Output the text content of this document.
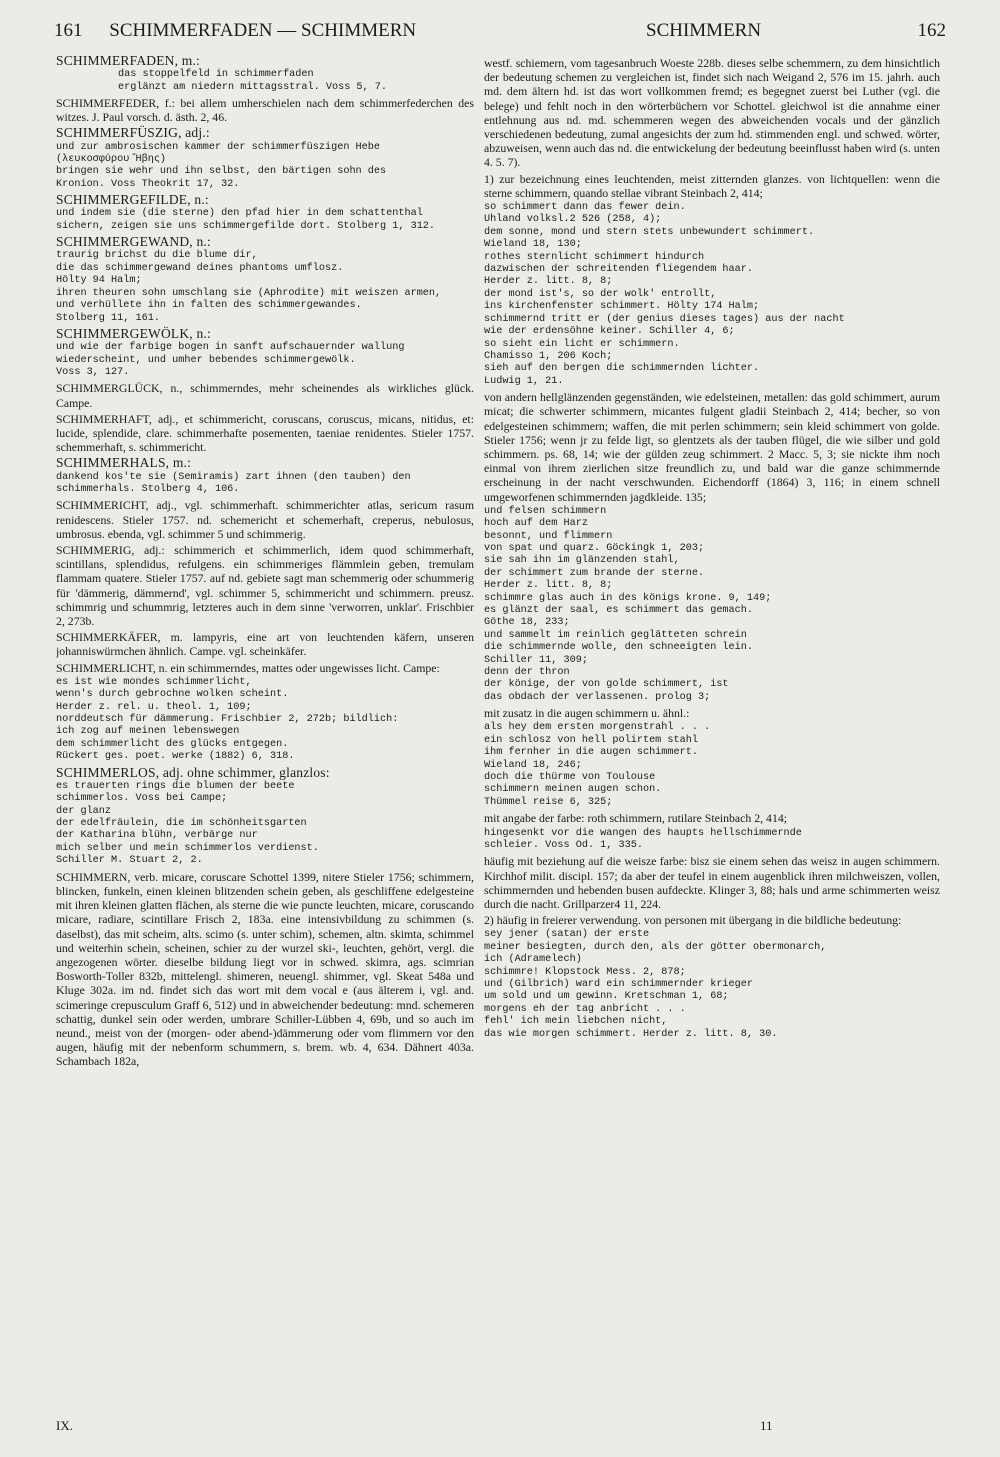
161 SCHIMMERFADEN — SCHIMMERN	SCHIMMERN	162
SCHIMMERFADEN, m.:
das stoppelfeld in schimmerfaden
erglänzt am niedern mittagsstral. Voss 5, 7.
SCHIMMERFEDER, f.: bei allem umherschielen nach dem schimmerfederchen des witzes. J. Paul vorsch. d. ästh. 2, 46.
SCHIMMERFÜSZIG, adj.:
und zur ambrosischen kammer der schimmerfüszigen Hebe
(λευκοσφύρου Ἥβης)
bringen sie wehr und ihn selbst, den bärtigen sohn des
Kronion. Voss Theokrit 17, 32.
SCHIMMERGEFILDE, n.:
und indem sie (die sterne) den pfad hier in dem schattenthal
sichern, zeigen sie uns schimmergefilde dort. Stolberg 1, 312.
SCHIMMERGEWAND, n.:
traurig brichst du die blume dir,
die das schimmergewand deines phantoms umflosz.
Hölty 94 Halm;
ihren theuren sohn umschlang sie (Aphrodite) mit weiszen armen,
und verhüllete ihn in falten des schimmergewandes.
Stolberg 11, 161.
SCHIMMERGEWÖLK, n.:
und wie der farbige bogen in sanft aufschauernder wallung
wiederscheint, und umher bebendes schimmergewölk.
Voss 3, 127.
SCHIMMERGLÜCK, n., schimmerndes, mehr scheinendes als wirkliches glück. Campe.
SCHIMMERHAFT, adj., et schimmericht, coruscans, coruscus, micans, nitidus, et: lucide, splendide, clare. schimmerhafte posementen, taeniae renidentes. Stieler 1757. schemmerhaft, s. schimmericht.
SCHIMMERHALS, m.:
dankend kos'te sie (Semiramis) zart ihnen (den tauben) den
schimmerhals. Stolberg 4, 106.
SCHIMMERICHT, adj., vgl. schimmerhaft. schimmerichter atlas, sericum rasum renidescens. Stieler 1757. nd. schemericht et schemerhaft, creperus, nebulosus, umbrosus. ebenda, vgl. schimmer 5 und schimmerig.
SCHIMMERIG, adj.: schimmerich et schimmerlich, idem quod schimmerhaft, scintillans, splendidus, refulgens. ein schimmeriges flämmlein geben, tremulam flammam quatere. Stieler 1757. auf nd. gebiete sagt man schemmerig oder schummerig für 'dämmerig, dämmernd', vgl. schimmer 5, schimmericht und schimmern. preusz. schimmrig und schummrig, letzteres auch in dem sinne 'verworren, unklar'. Frischbier 2, 273b.
SCHIMMERKÄFER, m. lampyris, eine art von leuchtenden käfern, unseren johanniswürmchen ähnlich. Campe. vgl. scheinkäfer.
SCHIMMERLICHT, n. ein schimmerndes, mattes oder ungewisses licht. Campe:
es ist wie mondes schimmerlicht,
wenn's durch gebrochne wolken scheint.
Herder z. rel. u. theol. 1, 109;
norddeutsch für dämmerung. Frischbier 2, 272b; bildlich:
ich zog auf meinen lebenswegen
dem schimmerlicht des glücks entgegen.
Rückert ges. poet. werke (1882) 6, 318.
SCHIMMERLOS, adj. ohne schimmer, glanzlos:
es trauerten rings die blumen der beete
schimmerlos. Voss bei Campe;
der glanz
der edelfräulein, die im schönheitsgarten
der Katharina blühn, verbärge nur
mich selber und mein schimmerlos verdienst.
Schiller M. Stuart 2, 2.
SCHIMMERN, verb. micare, coruscare Schottel 1399, nitere Stieler 1756; schimmern, blincken, funkeln, einen kleinen blitzenden schein geben, als geschliffene edelgesteine mit ihren kleinen glatten flächen, als sterne die wie puncte leuchten, micare, coruscando micare, radiare, scintillare Frisch 2, 183a. eine intensivbildung zu schimmen (s. daselbst), das mit scheim, alts. scimo (s. unter schim), schemen, altn. skimta, schimmel und weiterhin schein, scheinen, schier zu der wurzel ski-, leuchten, gehört, vergl. die angezogenen wörter. dieselbe bildung liegt vor in schwed. skimra, ags. scimrian Bosworth-Toller 832b, mittelengl. shimeren, neuengl. shimmer, vgl. Skeat 548a und Kluge 302a. im nd. findet sich das wort mit dem vocal e (aus älterem i, vgl. and. scimeringe crepusculum Graff 6, 512) und in abweichender bedeutung: mnd. schemeren schattig, dunkel sein oder werden, umbrare Schiller-Lübben 4, 69b, und so auch im neund., meist von der (morgen- oder abend-)dämmerung oder vom flimmern vor den augen, häufig mit der nebenform schummern, s. brem. wb. 4, 634. Dähnert 403a. Schambach 182a,
westf. schiemern, vom tagesanbruch Woeste 228b. dieses selbe schemmern, zu dem hinsichtlich der bedeutung schemen zu vergleichen ist, findet sich nach Weigand 2, 576 im 15. jahrh. auch md. dem ältern hd. ist das wort vollkommen fremd; es begegnet zuerst bei Luther (vgl. die belege) und fehlt noch in den wörterbüchern vor Schottel. gleichwol ist die annahme einer entlehnung aus nd. md. schemmeren wegen des abweichenden vocals und der gänzlich verschiedenen bedeutung, zumal angesichts der zum hd. stimmenden engl. und schwed. wörter, abzuweisen, wenn auch das nd. die entwickelung der bedeutung beeinflusst haben wird (s. unten 4. 5. 7).
1) zur bezeichnung eines leuchtenden, meist zitternden glanzes. von lichtquellen: wenn die sterne schimmern, quando stellae vibrant Steinbach 2, 414;
so schimmert dann das fewer dein.
Uhland volksl.2 526 (258, 4);
dem sonne, mond und stern stets unbewundert schimmert.
Wieland 18, 130;
rothes sternlicht schimmert hindurch
dazwischen der schreitenden fliegendem haar.
Herder z. litt. 8, 8;
der mond ist's, so der wolk' entrollt,
ins kirchenfenster schimmert. Hölty 174 Halm;
schimmernd tritt er (der genius dieses tages) aus der nacht
wie der erdensöhne keiner. Schiller 4, 6;
so sieht ein licht er schimmern.
Chamisso 1, 206 Koch;
sieh auf den bergen die schimmernden lichter.
Ludwig 1, 21.
von andern hellglänzenden gegenständen, wie edelsteinen, metallen: das gold schimmert, aurum micat; die schwerter schimmern, micantes fulgent gladii Steinbach 2, 414; becher, so von edelgesteinen schimmern; waffen, die mit perlen schimmern; sein kleid schimmert von golde. Stieler 1756; wenn jr zu felde ligt, so glentzets als der tauben flügel, die wie silber und gold schimmern. ps. 68, 14; wie der gülden zeug schimmert. 2 Macc. 5, 3; sie nickte ihm noch einmal von ihrem zierlichen sitze freundlich zu, und bald war die ganze schimmernde erscheinung in der nacht verschwunden. Eichendorff (1864) 3, 116; in einem schnell umgeworfenen schimmernden jagdkleide. 135;
und felsen schimmern
hoch auf dem Harz
besonnt, und flimmern
von spat und quarz. Göckingk 1, 203;
sie sah ihn im glänzenden stahl,
der schimmert zum brande der sterne.
Herder z. litt. 8, 8;
schimmre glas auch in des königs krone. 9, 149;
es glänzt der saal, es schimmert das gemach.
Göthe 18, 233;
und sammelt im reinlich geglätteten schrein
die schimmernde wolle, den schneeigten lein.
Schiller 11, 309;
denn der thron
der könige, der von golde schimmert, ist
das obdach der verlassenen. prolog 3;
mit zusatz in die augen schimmern u. ähnl.:
als hey dem ersten morgenstrahl . . .
ein schlosz von hell polirtem stahl
ihm fernher in die augen schimmert.
Wieland 18, 246;
doch die thürme von Toulouse
schimmern meinen augen schon.
Thümmel reise 6, 325;
mit angabe der farbe: roth schimmern, rutilare Steinbach 2, 414;
hingesenkt vor die wangen des haupts hellschimmernde
schleier. Voss Od. 1, 335.
häufig mit beziehung auf die weisze farbe: bisz sie einem sehen das weisz in augen schimmern. Kirchhof milit. discipl. 157; da aber der teufel in einem augenblick ihren milchweiszen, vollen, schimmernden und hebenden busen aufdeckte. Klinger 3, 88; hals und arme schimmerten weisz durch die nacht. Grillparzer4 11, 224.
2) häufig in freierer verwendung. von personen mit übergang in die bildliche bedeutung:
sey jener (satan) der erste
meiner besiegten, durch den, als der götter obermonarch,
ich (Adramelech)
schimmre! Klopstock Mess. 2, 878;
und (Gilbrich) ward ein schimmernder krieger
um sold und um gewinn. Kretschman 1, 68;
morgens eh der tag anbricht . . .
fehl' ich mein liebchen nicht,
das wie morgen schimmert. Herder z. litt. 8, 30.
IX.	11
